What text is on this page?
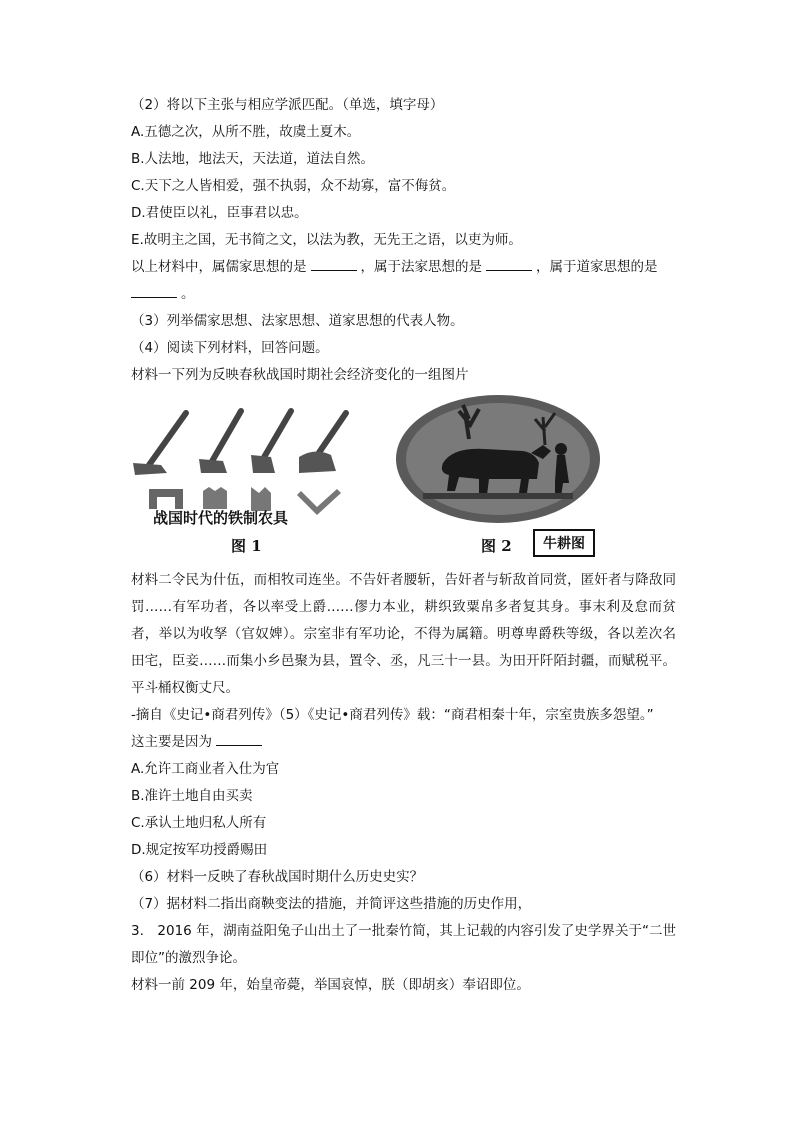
（2）将以下主张与相应学派匹配。（单选，填字母）
A.五德之次，从所不胜，故虞土夏木。
B.人法地，地法天，天法道，道法自然。
C.天下之人皆相爱，强不执弱，众不劫寡，富不侮贫。
D.君使臣以礼，臣事君以忠。
E.故明主之国，无书简之文，以法为教，无先王之语，以吏为师。
以上材料中，属儒家思想的是	，属于法家思想的是	，属于道家思想的是
。
（3）列举儒家思想、法家思想、道家思想的代表人物。
（4）阅读下列材料，回答问题。
材料一下列为反映春秋战国时期社会经济变化的一组图片
战国时代的铁制农具
图 1	图 2	牛耕图
材料二令民为什伍，而相牧司连坐。不告奸者腰斩，告奸者与斩敌首同赏，匿奸者与降敌同罚……有军功者，各以率受上爵……僇力本业，耕织致粟帛多者复其身。事末利及怠而贫者，举以为收孥（官奴婢）。宗室非有军功论，不得为属籍。明尊卑爵秩等级，各以差次名田宅，臣妾……而集小乡邑聚为县，置令、丞，凡三十一县。为田开阡陌封疆，而赋税平。平斗桶权衡丈尺。
-摘自《史记•商君列传》（5）《史记•商君列传》载：“商君相秦十年，宗室贵族多怨望。”
这主要是因为
A.允许工商业者入仕为官
B.准许土地自由买卖
C.承认土地归私人所有
D.规定按军功授爵赐田
（6）材料一反映了春秋战国时期什么历史史实？
（7）据材料二指出商鞅变法的措施，并简评这些措施的历史作用，
3.　2016 年，湖南益阳兔子山出土了一批秦竹简，其上记载的内容引发了史学界关于“二世即位”的激烈争论。
材料一前 209 年，始皇帝薨，举国哀悼，朕（即胡亥）奉诏即位。
